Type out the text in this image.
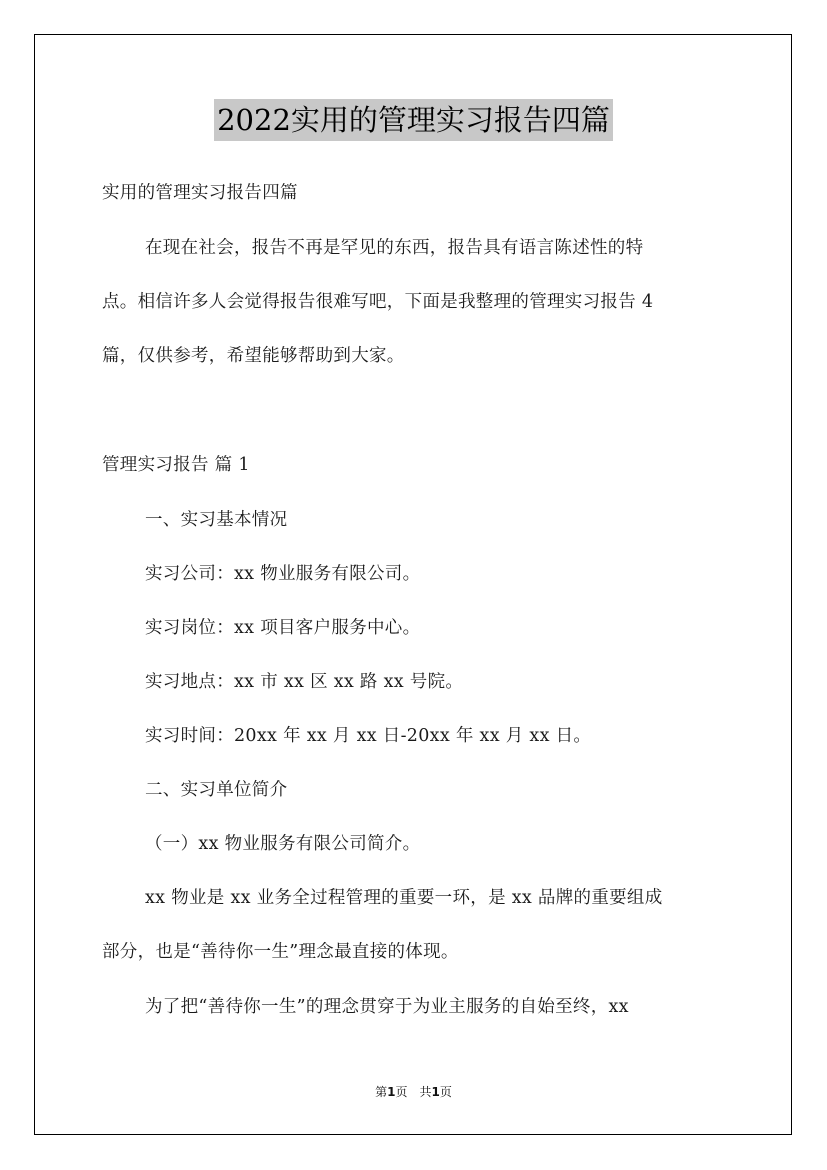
2022实用的管理实习报告四篇
实用的管理实习报告四篇
在现在社会，报告不再是罕见的东西，报告具有语言陈述性的特
点。相信许多人会觉得报告很难写吧，下面是我整理的管理实习报告 4
篇，仅供参考，希望能够帮助到大家。
管理实习报告 篇 1
一、实习基本情况
实习公司：xx 物业服务有限公司。
实习岗位：xx 项目客户服务中心。
实习地点：xx 市 xx 区 xx 路 xx 号院。
实习时间：20xx 年 xx 月 xx 日-20xx 年 xx 月 xx 日。
二、实习单位简介
（一）xx 物业服务有限公司简介。
xx 物业是 xx 业务全过程管理的重要一环，是 xx 品牌的重要组成
部分，也是“善待你一生”理念最直接的体现。
为了把“善待你一生”的理念贯穿于为业主服务的自始至终，xx
第1页　共1页
